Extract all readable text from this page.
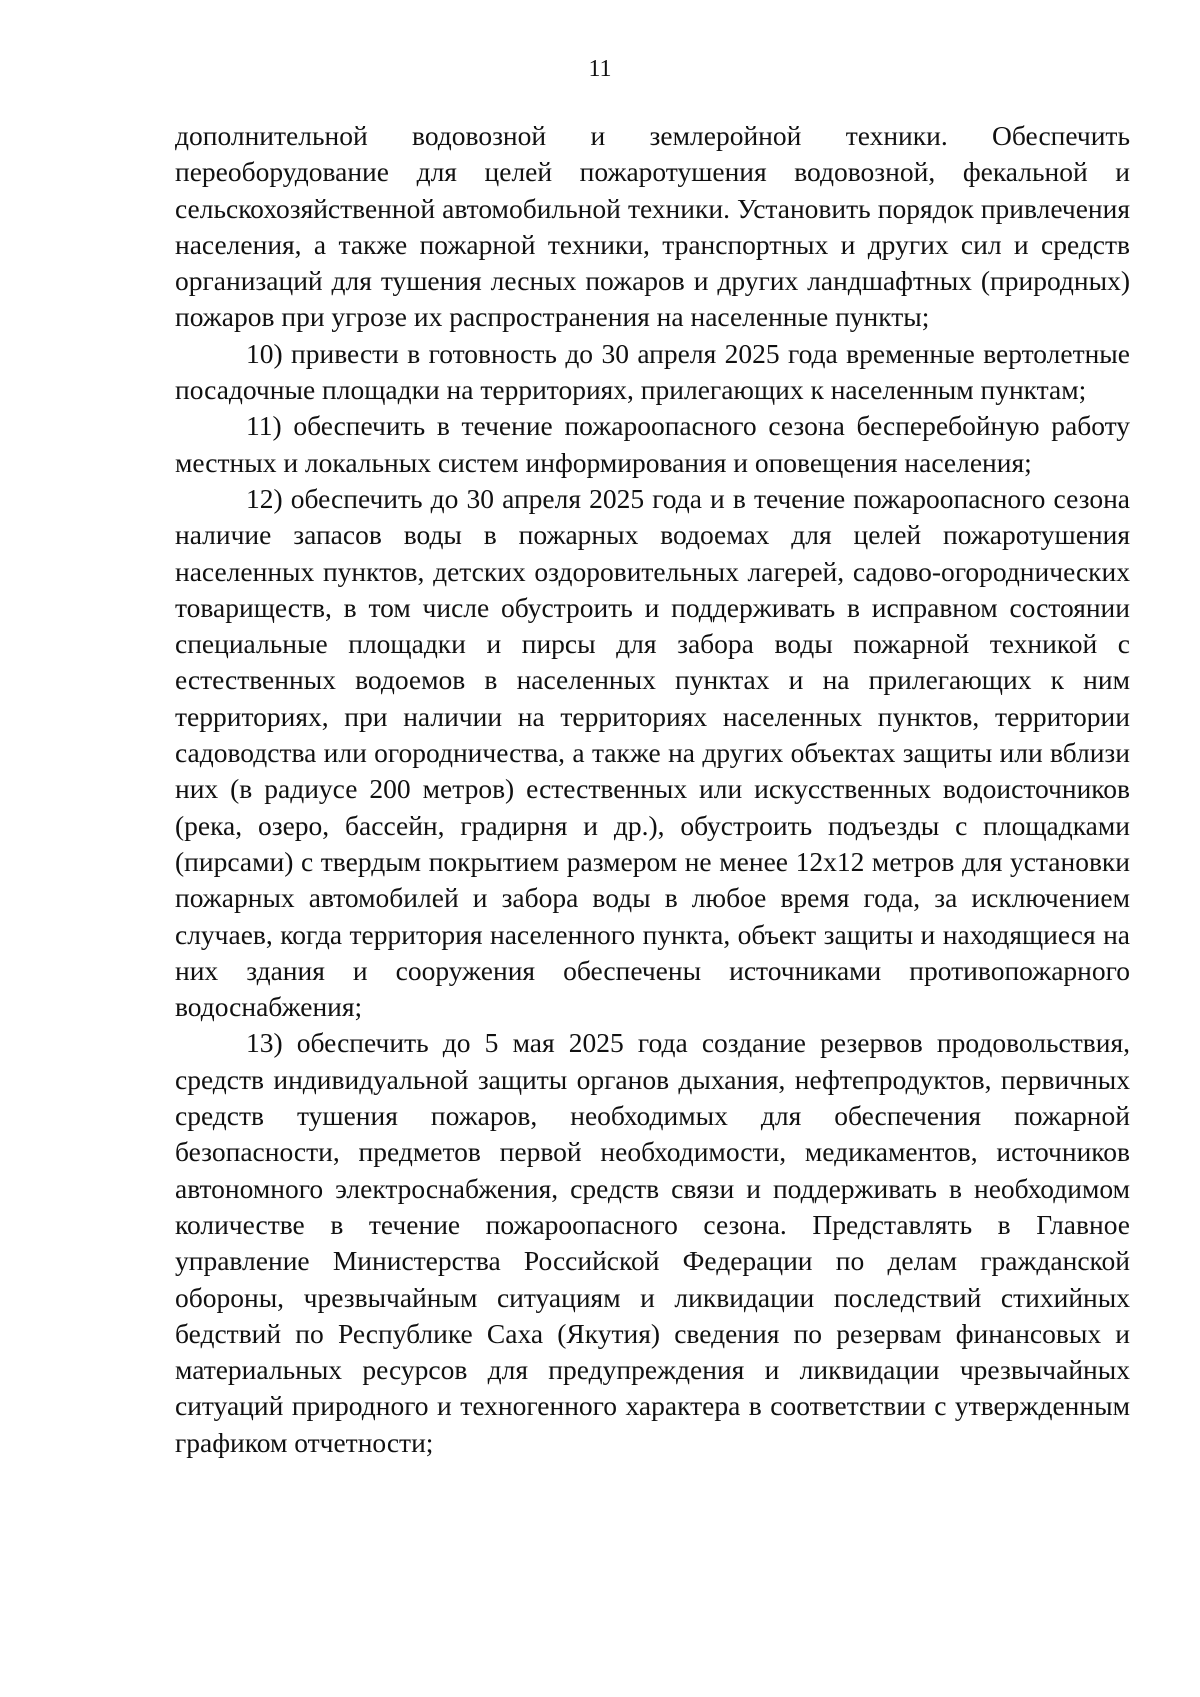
11

дополнительной водовозной и землеройной техники. Обеспечить переоборудование для целей пожаротушения водовозной, фекальной и сельскохозяйственной автомобильной техники. Установить порядок привлечения населения, а также пожарной техники, транспортных и других сил и средств организаций для тушения лесных пожаров и других ландшафтных (природных) пожаров при угрозе их распространения на населенные пункты;

10) привести в готовность до 30 апреля 2025 года временные вертолетные посадочные площадки на территориях, прилегающих к населенным пунктам;

11) обеспечить в течение пожароопасного сезона бесперебойную работу местных и локальных систем информирования и оповещения населения;

12) обеспечить до 30 апреля 2025 года и в течение пожароопасного сезона наличие запасов воды в пожарных водоемах для целей пожаротушения населенных пунктов, детских оздоровительных лагерей, садово-огороднических товариществ, в том числе обустроить и поддерживать в исправном состоянии специальные площадки и пирсы для забора воды пожарной техникой с естественных водоемов в населенных пунктах и на прилегающих к ним территориях, при наличии на территориях населенных пунктов, территории садоводства или огородничества, а также на других объектах защиты или вблизи них (в радиусе 200 метров) естественных или искусственных водоисточников (река, озеро, бассейн, градирня и др.), обустроить подъезды с площадками (пирсами) с твердым покрытием размером не менее 12x12 метров для установки пожарных автомобилей и забора воды в любое время года, за исключением случаев, когда территория населенного пункта, объект защиты и находящиеся на них здания и сооружения обеспечены источниками противопожарного водоснабжения;

13) обеспечить до 5 мая 2025 года создание резервов продовольствия, средств индивидуальной защиты органов дыхания, нефтепродуктов, первичных средств тушения пожаров, необходимых для обеспечения пожарной безопасности, предметов первой необходимости, медикаментов, источников автономного электроснабжения, средств связи и поддерживать в необходимом количестве в течение пожароопасного сезона. Представлять в Главное управление Министерства Российской Федерации по делам гражданской обороны, чрезвычайным ситуациям и ликвидации последствий стихийных бедствий по Республике Саха (Якутия) сведения по резервам финансовых и материальных ресурсов для предупреждения и ликвидации чрезвычайных ситуаций природного и техногенного характера в соответствии с утвержденным графиком отчетности;
